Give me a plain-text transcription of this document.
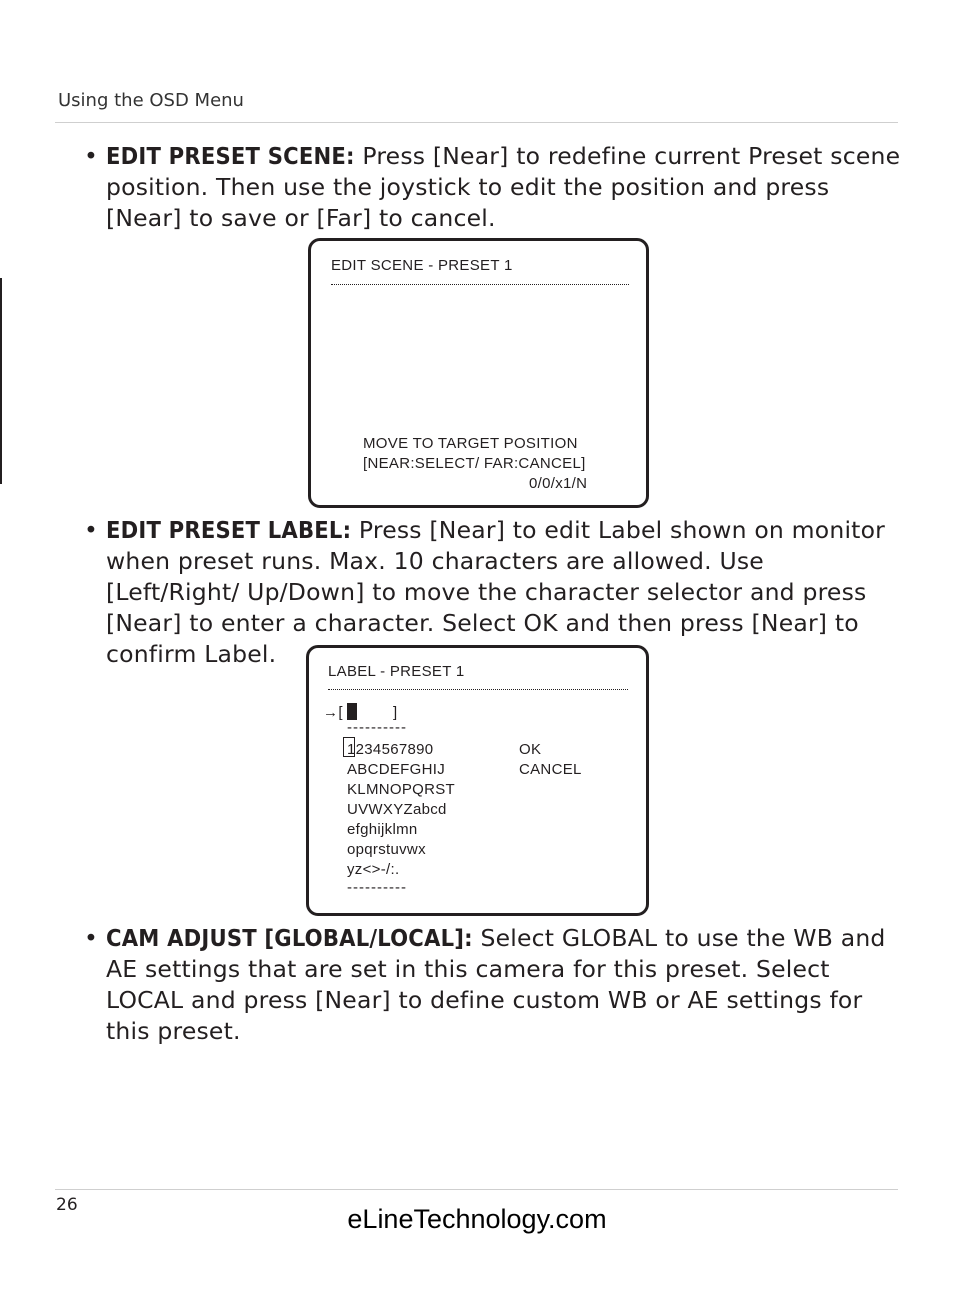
Using the OSD Menu
• EDIT PRESET SCENE: Press [Near] to redefine current Preset scene position. Then use the joystick to edit the position and press [Near] to save or [Far] to cancel.
EDIT SCENE - PRESET 1
MOVE TO TARGET POSITION
[NEAR:SELECT/ FAR:CANCEL]
0/0/x1/N
• EDIT PRESET LABEL: Press [Near] to edit Label shown on monitor when preset runs. Max. 10 characters are allowed. Use [Left/Right/ Up/Down] to move the character selector and press [Near] to enter a character. Select OK and then press [Near] to confirm Label.
LABEL - PRESET 1
→[	]
----------
1234567890
ABCDEFGHIJ
KLMNOPQRST
UVWXYZabcd
efghijklmn
opqrstuvwx
yz<>-/:.
----------
OK
CANCEL
• CAM ADJUST [GLOBAL/LOCAL]: Select GLOBAL to use the WB and AE settings that are set in this camera for this preset. Select LOCAL and press [Near] to define custom WB or AE settings for this preset.
26	eLineTechnology.com
